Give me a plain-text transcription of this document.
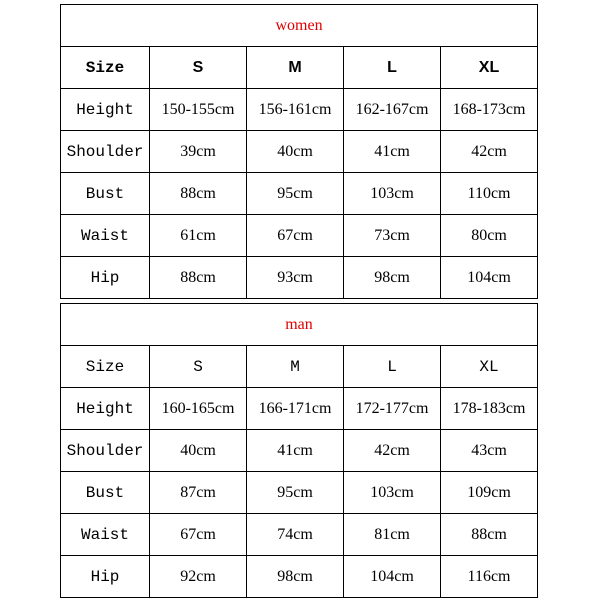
women				
Size	S	M	L	XL
Height	150-155cm	156-161cm	162-167cm	168-173cm
Shoulder	39cm	40cm	41cm	42cm
Bust	88cm	95cm	103cm	110cm
Waist	61cm	67cm	73cm	80cm
Hip	88cm	93cm	98cm	104cm
man				
Size	S	M	L	XL
Height	160-165cm	166-171cm	172-177cm	178-183cm
Shoulder	40cm	41cm	42cm	43cm
Bust	87cm	95cm	103cm	109cm
Waist	67cm	74cm	81cm	88cm
Hip	92cm	98cm	104cm	116cm
